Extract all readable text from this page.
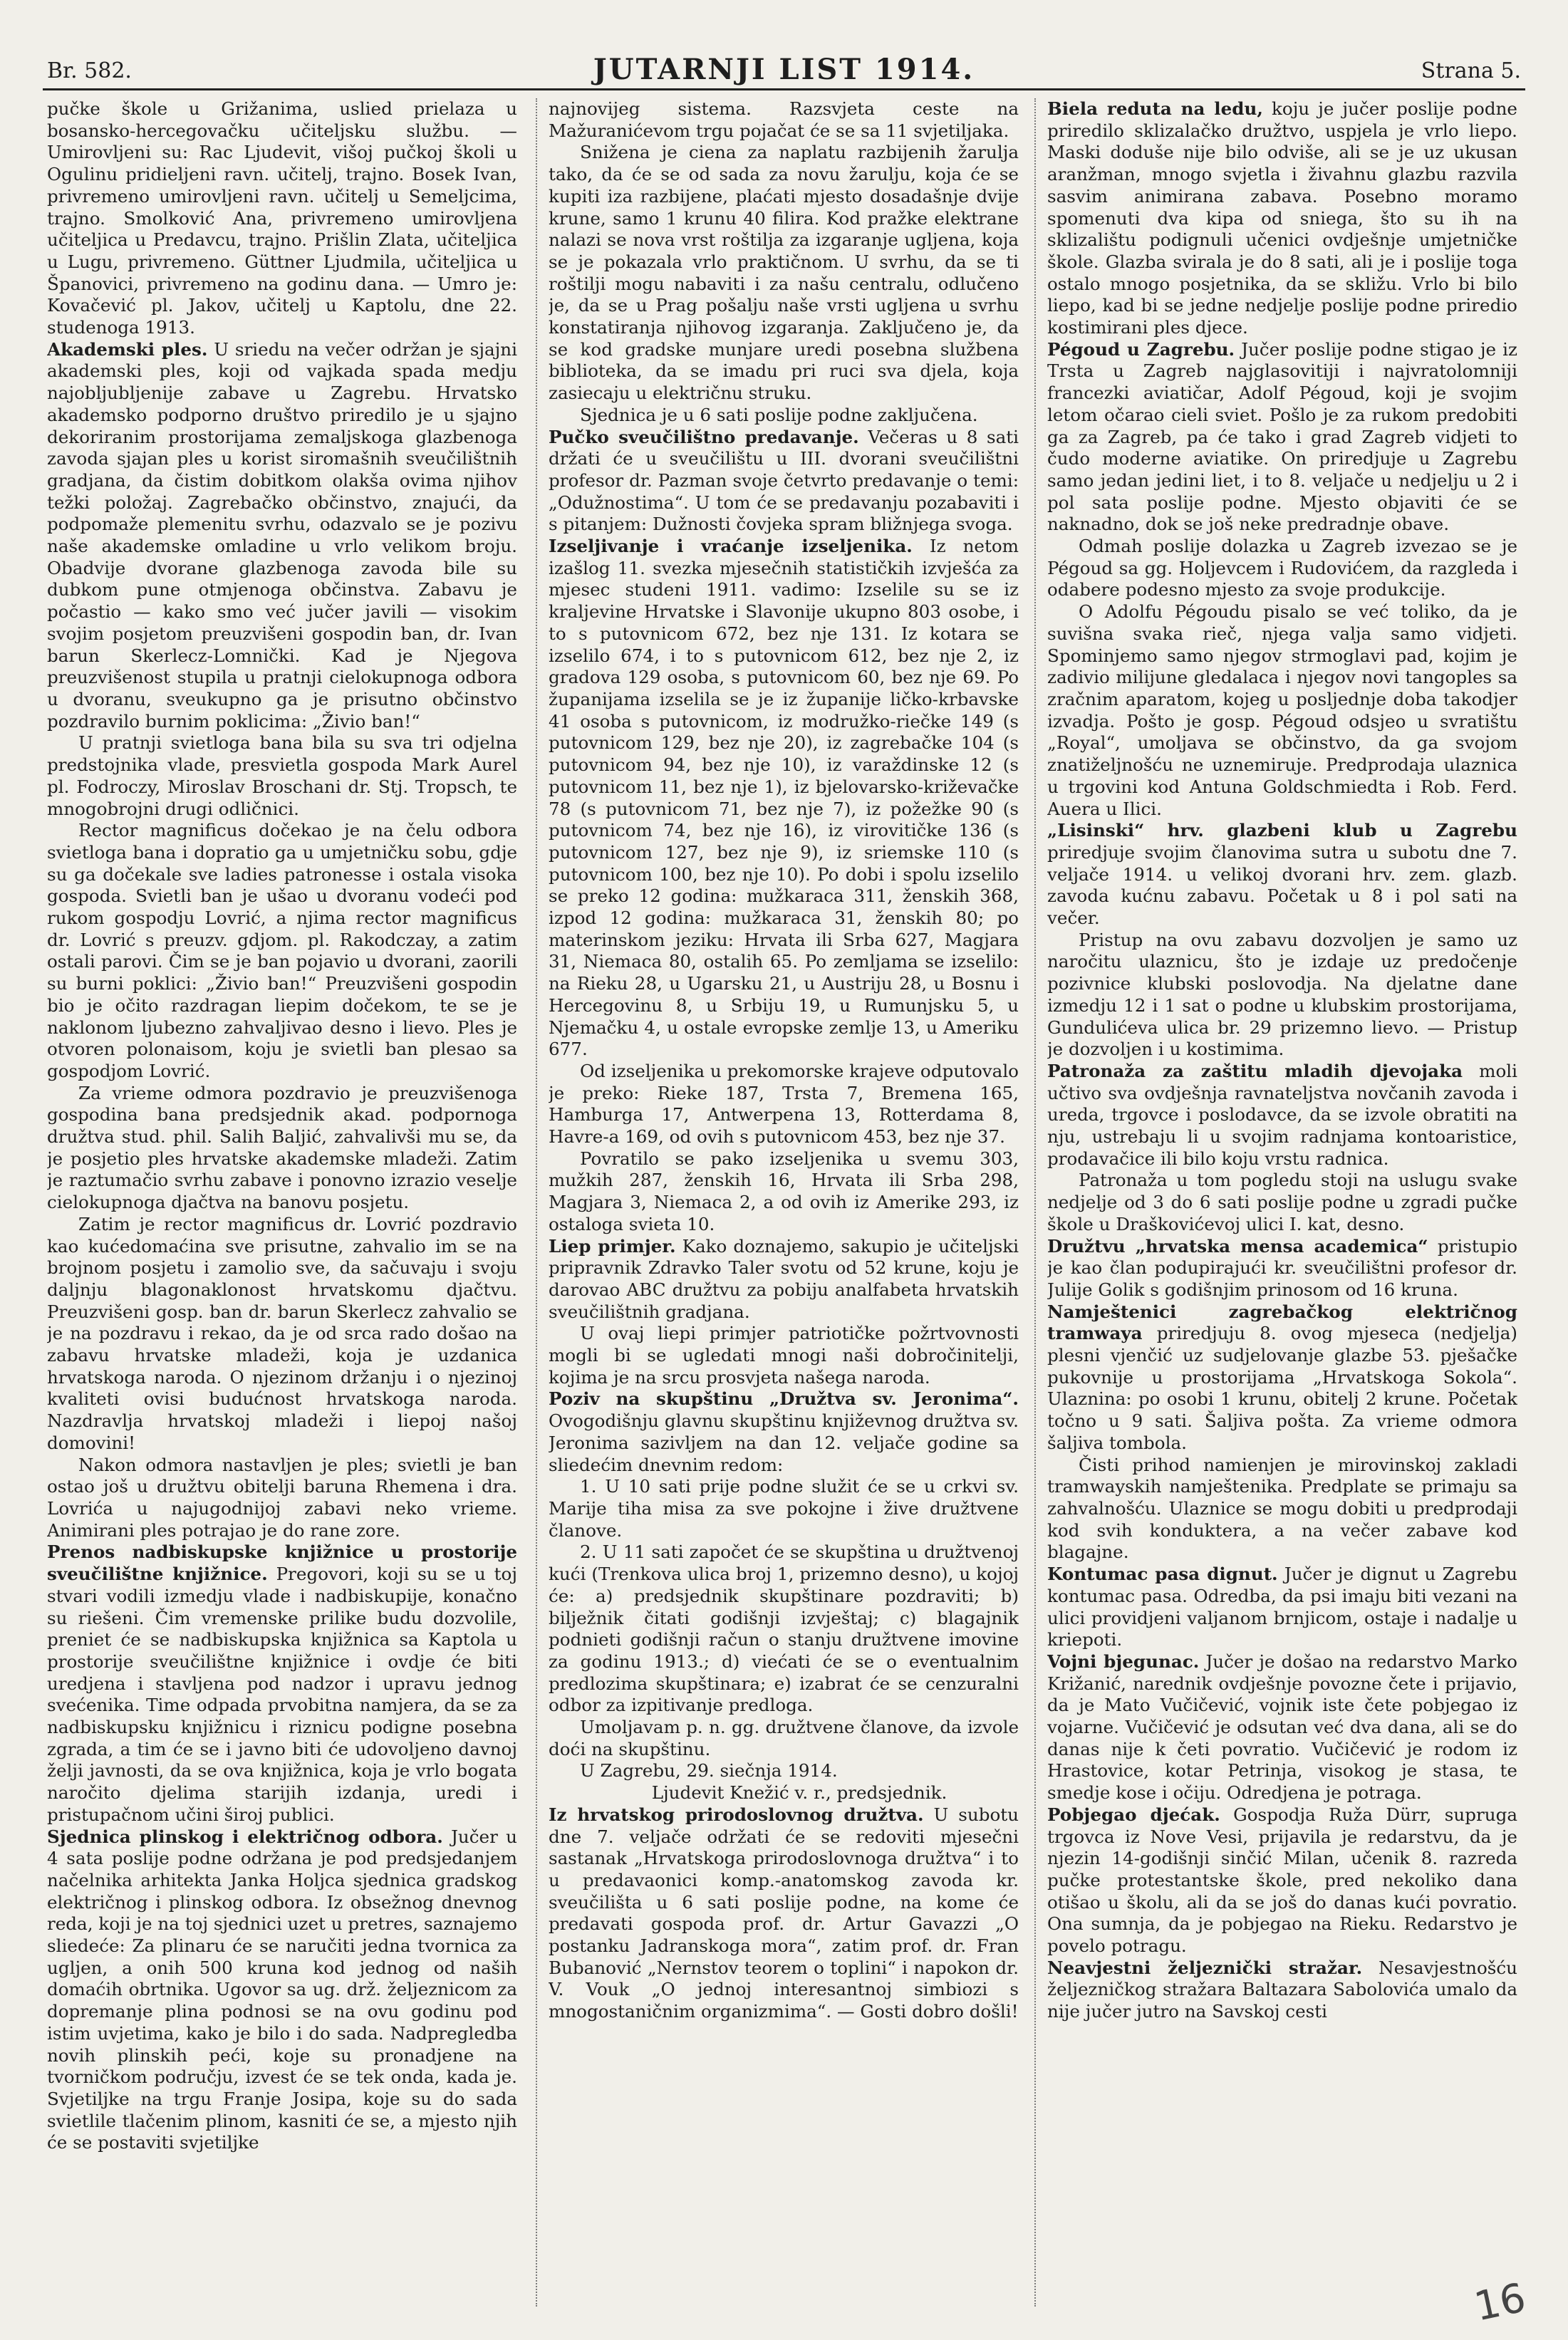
Br. 582.	JUTARNJI LIST 1914.	Strana 5.

pučke škole u Grižanima, uslied prielaza u bosansko-hercegovačku učiteljsku službu. — Umirovljeni su: Rac Ljudevit, višoj pučkoj školi u Ogulinu pridieljeni ravn. učitelj, trajno. Bosek Ivan, privremeno umirovljeni ravn. učitelj u Semeljcima, trajno. Smolković Ana, privremeno umirovljena učiteljica u Predavcu, trajno. Prišlin Zlata, učiteljica u Lugu, privremeno. Güttner Ljudmila, učiteljica u Španovici, privremeno na godinu dana. — Umro je: Kovačević pl. Jakov, učitelj u Kaptolu, dne 22. studenoga 1913.

Akademski ples. U sriedu na večer održan je sjajni akademski ples, koji od vajkada spada medju najobljubljenije zabave u Zagrebu. Hrvatsko akademsko podporno društvo priredilo je u sjajno dekoriranim prostorijama zemaljskoga glazbenoga zavoda sjajan ples u korist siromašnih sveučilištnih gradjana, da čistim dobitkom olakša ovima njihov težki položaj. Zagrebačko občinstvo, znajući, da podpomaže plemenitu svrhu, odazvalo se je pozivu naše akademske omladine u vrlo velikom broju. Obadvije dvorane glazbenoga zavoda bile su dubkom pune otmjenoga občinstva. Zabavu je počastio — kako smo već jučer javili — visokim svojim posjetom preuzvišeni gospodin ban, dr. Ivan barun Skerlecz-Lomnički. Kad je Njegova preuzvišenost stupila u pratnji cielokupnoga odbora u dvoranu, sveukupno ga je prisutno občinstvo pozdravilo burnim poklicima: „Živio ban!“

U pratnji svietloga bana bila su sva tri odjelna predstojnika vlade, presvietla gospoda Mark Aurel pl. Fodroczy, Miroslav Broschani dr. Stj. Tropsch, te mnogobrojni drugi odličnici.

Rector magnificus dočekao je na čelu odbora svietloga bana i dopratio ga u umjetničku sobu, gdje su ga dočekale sve ladies patronesse i ostala visoka gospoda. Svietli ban je ušao u dvoranu vodeći pod rukom gospodju Lovrić, a njima rector magnificus dr. Lovrić s preuzv. gdjom. pl. Rakodczay, a zatim ostali parovi. Čim se je ban pojavio u dvorani, zaorili su burni poklici: „Živio ban!“ Preuzvišeni gospodin bio je očito razdragan liepim dočekom, te se je naklonom ljubezno zahvaljivao desno i lievo. Ples je otvoren polonaisom, koju je svietli ban plesao sa gospodjom Lovrić.

Za vrieme odmora pozdravio je preuzvišenoga gospodina bana predsjednik akad. podpornoga družtva stud. phil. Salih Baljić, zahvalivši mu se, da je posjetio ples hrvatske akademske mladeži. Zatim je raztumačio svrhu zabave i ponovno izrazio veselje cielokupnoga djačtva na banovu posjetu.

Zatim je rector magnificus dr. Lovrić pozdravio kao kućedomaćina sve prisutne, zahvalio im se na brojnom posjetu i zamolio sve, da sačuvaju i svoju daljnju blagonaklonost hrvatskomu djačtvu. Preuzvišeni gosp. ban dr. barun Skerlecz zahvalio se je na pozdravu i rekao, da je od srca rado došao na zabavu hrvatske mladeži, koja je uzdanica hrvatskoga naroda. O njezinom držanju i o njezinoj kvaliteti ovisi budućnost hrvatskoga naroda. Nazdravlja hrvatskoj mladeži i liepoj našoj domovini!

Nakon odmora nastavljen je ples; svietli je ban ostao još u družtvu obitelji baruna Rhemena i dra. Lovrića u najugodnijoj zabavi neko vrieme. Animirani ples potrajao je do rane zore.

Prenos nadbiskupske knjižnice u prostorije sveučilištne knjižnice. Pregovori, koji su se u toj stvari vodili izmedju vlade i nadbiskupije, konačno su riešeni. Čim vremenske prilike budu dozvolile, preniet će se nadbiskupska knjižnica sa Kaptola u prostorije sveučilištne knjižnice i ovdje će biti uredjena i stavljena pod nadzor i upravu jednog svećenika. Time odpada prvobitna namjera, da se za nadbiskupsku knjižnicu i riznicu podigne posebna zgrada, a tim će se i javno biti će udovoljeno davnoj želji javnosti, da se ova knjižnica, koja je vrlo bogata naročito djelima starijih izdanja, uredi i pristupačnom učini širој publici.

Sjednica plinskog i električnog odbora. Jučer u 4 sata poslije podne održana je pod predsjedanjem načelnika arhitekta Janka Holjca sjednica gradskog električnog i plinskog odbora. Iz obsežnog dnevnog reda, koji je na toj sjednici uzet u pretres, saznajemo sliedeće: Za plinaru će se naručiti jedna tvornica za ugljen, a onih 500 kruna kod jednog od naših domaćih obrtnika. Ugovor sa ug. drž. željeznicom za dopremanje plina podnosi se na ovu godinu pod istim uvjetima, kako je bilo i do sada. Nadpregledba novih plinskih peći, koje su pronadjene na tvorničkom području, izvest će se tek onda, kada je. Svjetiljke na trgu Franje Josipa, koje su do sada svietlile tlačenim plinom, kasniti će se, a mjesto njih će se postaviti svjetiljke

najnovijeg sistema. Razsvjeta ceste na Mažuranićevom trgu pojačat će se sa 11 svjetiljaka.

Snižena je ciena za naplatu razbijenih žarulja tako, da će se od sada za novu žarulju, koja će se kupiti iza razbijene, plaćati mjesto dosadašnje dvije krune, samo 1 krunu 40 filira. Kod pražke elektrane nalazi se nova vrst roštilja za izgaranje ugljena, koja se je pokazala vrlo praktičnom. U svrhu, da se ti roštilji mogu nabaviti i za našu centralu, odlučeno je, da se u Prag pošalju naše vrsti ugljena u svrhu konstatiranja njihovog izgaranja. Zaključeno je, da se kod gradske munjare uredi posebna službena biblioteka, da se imadu pri ruci sva djela, koja zasiecaju u električnu struku.

Sjednica je u 6 sati poslije podne zaključena.

Pučko sveučilištno predavanje. Večeras u 8 sati držati će u sveučilištu u III. dvorani sveučilištni profesor dr. Pazman svoje četvrto predavanje o temi: „Odužnostima“. U tom će se predavanju pozabaviti i s pitanjem: Dužnosti čovjeka spram bližnjega svoga.

Izseljivanje i vraćanje izseljenika. Iz netom izašlog 11. svezka mjesečnih statističkih izvješća za mjesec studeni 1911. vadimo: Izselile su se iz kraljevine Hrvatske i Slavonije ukupno 803 osobe, i to s putovnicom 672, bez nje 131. Iz kotara se izselilo 674, i to s putovnicom 612, bez nje 2, iz gradova 129 osoba, s putovnicom 60, bez nje 69. Po županijama izselila se je iz županije ličko-krbavske 41 osoba s putovnicom, iz modružko-riečke 149 (s putovnicom 129, bez nje 20), iz zagrebačke 104 (s putovnicom 94, bez nje 10), iz varaždinske 12 (s putovnicom 11, bez nje 1), iz bjelovarsko-križevačke 78 (s putovnicom 71, bez nje 7), iz požežke 90 (s putovnicom 74, bez nje 16), iz virovitičke 136 (s putovnicom 127, bez nje 9), iz sriemske 110 (s putovnicom 100, bez nje 10). Po dobi i spolu izselilo se preko 12 godina: mužkaraca 311, ženskih 368, izpod 12 godina: mužkaraca 31, ženskih 80; po materinskom jeziku: Hrvata ili Srba 627, Magjara 31, Niemaca 80, ostalih 65. Po zemljama se izselilo: na Rieku 28, u Ugarsku 21, u Austriju 28, u Bosnu i Hercegovinu 8, u Srbiju 19, u Rumunjsku 5, u Njemačku 4, u ostale evropske zemlje 13, u Ameriku 677.

Od izseljenika u prekomorske krajeve odputovalo je preko: Rieke 187, Trsta 7, Bremena 165, Hamburga 17, Antwerpena 13, Rotterdama 8, Havre-a 169, od ovih s putovnicom 453, bez nje 37.

Povratilo se pako izseljenika u svemu 303, mužkih 287, ženskih 16, Hrvata ili Srba 298, Magjara 3, Niemaca 2, a od ovih iz Amerike 293, iz ostaloga svieta 10.

Liep primjer. Kako doznajemo, sakupio je učiteljski pripravnik Zdravko Taler svotu od 52 krune, koju je darovao ABC družtvu za pobiju analfabeta hrvatskih sveučilištnih gradjana.

U ovaj liepi primjer patriotičke požrtvovnosti mogli bi se ugledati mnogi naši dobročinitelji, kojima je na srcu prosvjeta našega naroda.

Poziv na skupštinu „Družtva sv. Jeronima“. Ovogodišnju glavnu skupštinu književnog družtva sv. Jeronima sazivljem na dan 12. veljače godine sa sliedećim dnevnim redom:

1. U 10 sati prije podne služit će se u crkvi sv. Marije tiha misa za sve pokojne i žive družtvene članove.

2. U 11 sati započet će se skupština u družtvenoj kući (Trenkova ulica broj 1, prizemno desno), u kojoj će: a) predsjednik skupštinare pozdraviti; b) bilježnik čitati godišnji izvještaj; c) blagajnik podnieti godišnji račun o stanju družtvene imovine za godinu 1913.; d) viećati će se o eventualnim predlozima skupštinara; e) izabrat će se cenzuralni odbor za izpitivanje predloga.

Umoljavam p. n. gg. družtvene članove, da izvole doći na skupštinu.

U Zagrebu, 29. siečnja 1914.

Ljudevit Knežić v. r., predsjednik.

Iz hrvatskog prirodoslovnog družtva. U subotu dne 7. veljače održati će se redoviti mjesečni sastanak „Hrvatskoga prirodoslovnoga družtva“ i to u predavaonici komp.-anatomskog zavoda kr. sveučilišta u 6 sati poslije podne, na kome će predavati gospoda prof. dr. Artur Gavazzi „O postanku Jadranskoga mora“, zatim prof. dr. Fran Bubanović „Nernstov teorem o toplini“ i napokon dr. V. Vouk „O jednoj interesantnoj simbiozi s mnogostaničnim organizmima“. — Gosti dobro došli!

Biela reduta na ledu, koju je jučer poslije podne priredilo sklizalačko družtvo, uspjela je vrlo liepo. Maski doduše nije bilo odviše, ali se je uz ukusan aranžman, mnogo svjetla i živahnu glazbu razvila sasvim animirana zabava. Posebno moramo spomenuti dva kipa od sniega, što su ih na sklizalištu podignuli učenici ovdješnje umjetničke škole. Glazba svirala je do 8 sati, ali je i poslije toga ostalo mnogo posjetnika, da se skližu. Vrlo bi bilo liepo, kad bi se jedne nedjelje poslije podne priredio kostimirani ples djece.

Pégoud u Zagrebu. Jučer poslije podne stigao je iz Trsta u Zagreb najglasovitiji i najvratolomniji francezki aviatičar, Adolf Pégoud, koji je svojim letom očarao cieli sviet. Pošlo je za rukom predobiti ga za Zagreb, pa će tako i grad Zagreb vidjeti to čudo moderne aviatike. On priredjuje u Zagrebu samo jedan jedini liet, i to 8. veljače u nedjelju u 2 i pol sata poslije podne. Mjesto objaviti će se naknadno, dok se još neke predradnje obave.

Odmah poslije dolazka u Zagreb izvezao se je Pégoud sa gg. Holjevcem i Rudovićem, da razgleda i odabere podesno mjesto za svoje produkcije.

O Adolfu Pégoudu pisalo se već toliko, da je suvišna svaka rieč, njega valja samo vidjeti. Spominjemo samo njegov strmoglavi pad, kojim je zadivio milijune gledalaca i njegov novi tangoples sa zračnim aparatom, kojeg u posljednje doba takodjer izvadja. Pošto je gosp. Pégoud odsjeo u svratištu „Royal“, umoljava se občinstvo, da ga svojom znatiželjnošću ne uznemiruje. Predprodaja ulaznica u trgovini kod Antuna Goldschmiedta i Rob. Ferd. Auera u Ilici.

„Lisinski“ hrv. glazbeni klub u Zagrebu priredjuje svojim članovima sutra u subotu dne 7. veljače 1914. u velikoj dvorani hrv. zem. glazb. zavoda kućnu zabavu. Početak u 8 i pol sati na večer.

Pristup na ovu zabavu dozvoljen je samo uz naročitu ulaznicu, što je izdaje uz predočenje pozivnice klubski poslovodja. Na djelatne dane izmedju 12 i 1 sat o podne u klubskim prostorijama, Gundulićeva ulica br. 29 prizemno lievo. — Pristup je dozvoljen i u kostimima.

Patronaža za zaštitu mladih djevojaka moli učtivo sva ovdješnja ravnateljstva novčanih zavoda i ureda, trgovce i poslodavce, da se izvole obratiti na nju, ustrebaju li u svojim radnjama kontoaristice, prodavačice ili bilo koju vrstu radnica.

Patronaža u tom pogledu stoji na uslugu svake nedjelje od 3 do 6 sati poslije podne u zgradi pučke škole u Draškovićevoj ulici I. kat, desno.

Družtvu „hrvatska mensa academica“ pristupio je kao član podupirajući kr. sveučilištni profesor dr. Julije Golik s godišnjim prinosom od 16 kruna.

Namještenici zagrebačkog električnog tramwaya priredjuju 8. ovog mjeseca (nedjelja) plesni vjenčić uz sudjelovanje glazbe 53. pješačke pukovnije u prostorijama „Hrvatskoga Sokola“. Ulaznina: po osobi 1 krunu, obitelj 2 krune. Početak točno u 9 sati. Šaljiva pošta. Za vrieme odmora šaljiva tombola.

Čisti prihod namienjen je mirovinskoj zakladi tramwayskih namještenika. Predplate se primaju sa zahvalnošću. Ulaznice se mogu dobiti u predprodaji kod svih konduktera, a na večer zabave kod blagajne.

Kontumac pasa dignut. Jučer je dignut u Zagrebu kontumac pasa. Odredba, da psi imaju biti vezani na ulici providjeni valjanom brnjicom, ostaje i nadalje u kriepoti.

Vojni bjegunac. Jučer je došao na redarstvo Marko Križanić, narednik ovdješnje povozne čete i prijavio, da je Mato Vučičević, vojnik iste čete pobjegao iz vojarne. Vučičević je odsutan već dva dana, ali se do danas nije k četi povratio. Vučičević je rodom iz Hrastovice, kotar Petrinja, visokog je stasa, te smedje kose i očiju. Odredjena je potraga.

Pobjegao djećak. Gospodja Ruža Dürr, supruga trgovca iz Nove Vesi, prijavila je redarstvu, da je njezin 14-godišnji sinčić Milan, učenik 8. razreda pučke protestantske škole, pred nekoliko dana otišao u školu, ali da se još do danas kući povratio. Ona sumnja, da je pobjegao na Rieku. Redarstvo je povelo potragu.

Neavjestni željeznički stražar. Nesavjestnošću željezničkog stražara Baltazara Sabolovića umalo da nije jučer jutro na Savskoj cesti

16
